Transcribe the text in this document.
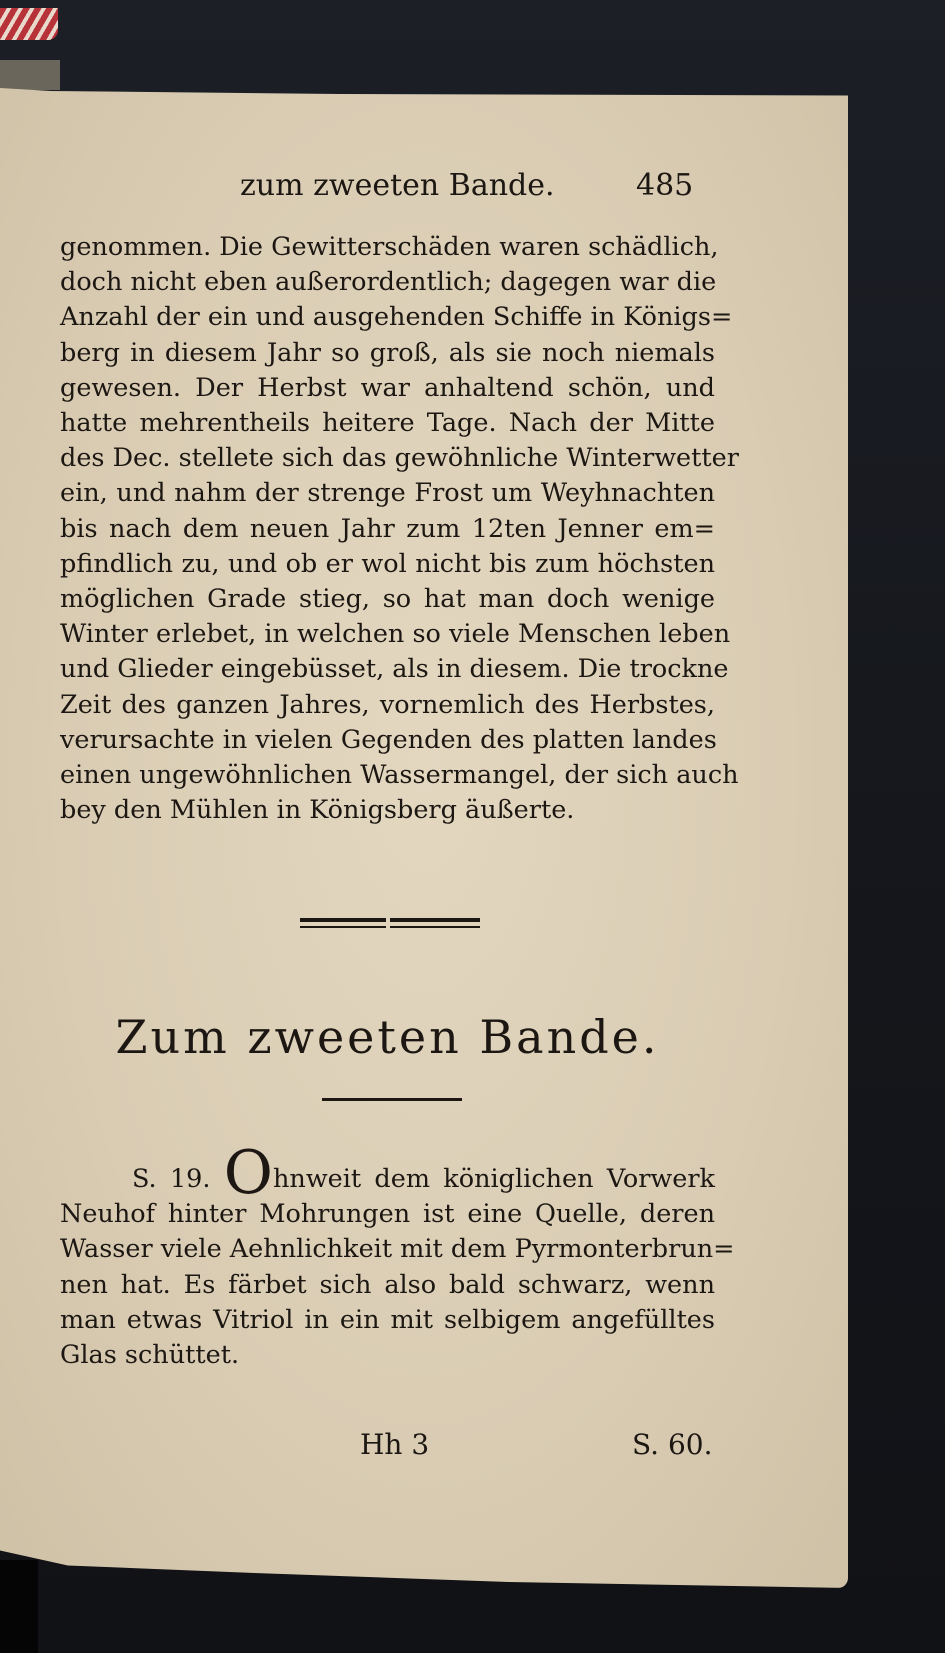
zum zweeten Bande.	485
genommen. Die Gewitterschäden waren schädlich,
doch nicht eben außerordentlich; dagegen war die
Anzahl der ein und ausgehenden Schiffe in Königs=
berg in diesem Jahr so groß, als sie noch niemals
gewesen. Der Herbst war anhaltend schön, und
hatte mehrentheils heitere Tage. Nach der Mitte
des Dec. stellete sich das gewöhnliche Winterwetter
ein, und nahm der strenge Frost um Weyhnachten
bis nach dem neuen Jahr zum 12ten Jenner em=
pfindlich zu, und ob er wol nicht bis zum höchsten
möglichen Grade stieg, so hat man doch wenige
Winter erlebet, in welchen so viele Menschen leben
und Glieder eingebüsset, als in diesem. Die trockne
Zeit des ganzen Jahres, vornemlich des Herbstes,
verursachte in vielen Gegenden des platten landes
einen ungewöhnlichen Wassermangel, der sich auch
bey den Mühlen in Königsberg äußerte.
Zum zweeten Bande.
S. 19. Ohnweit dem königlichen Vorwerk
Neuhof hinter Mohrungen ist eine Quelle, deren
Wasser viele Aehnlichkeit mit dem Pyrmonterbrun=
nen hat. Es färbet sich also bald schwarz, wenn
man etwas Vitriol in ein mit selbigem angefülltes
Glas schüttet.
Hh 3	S. 60.
